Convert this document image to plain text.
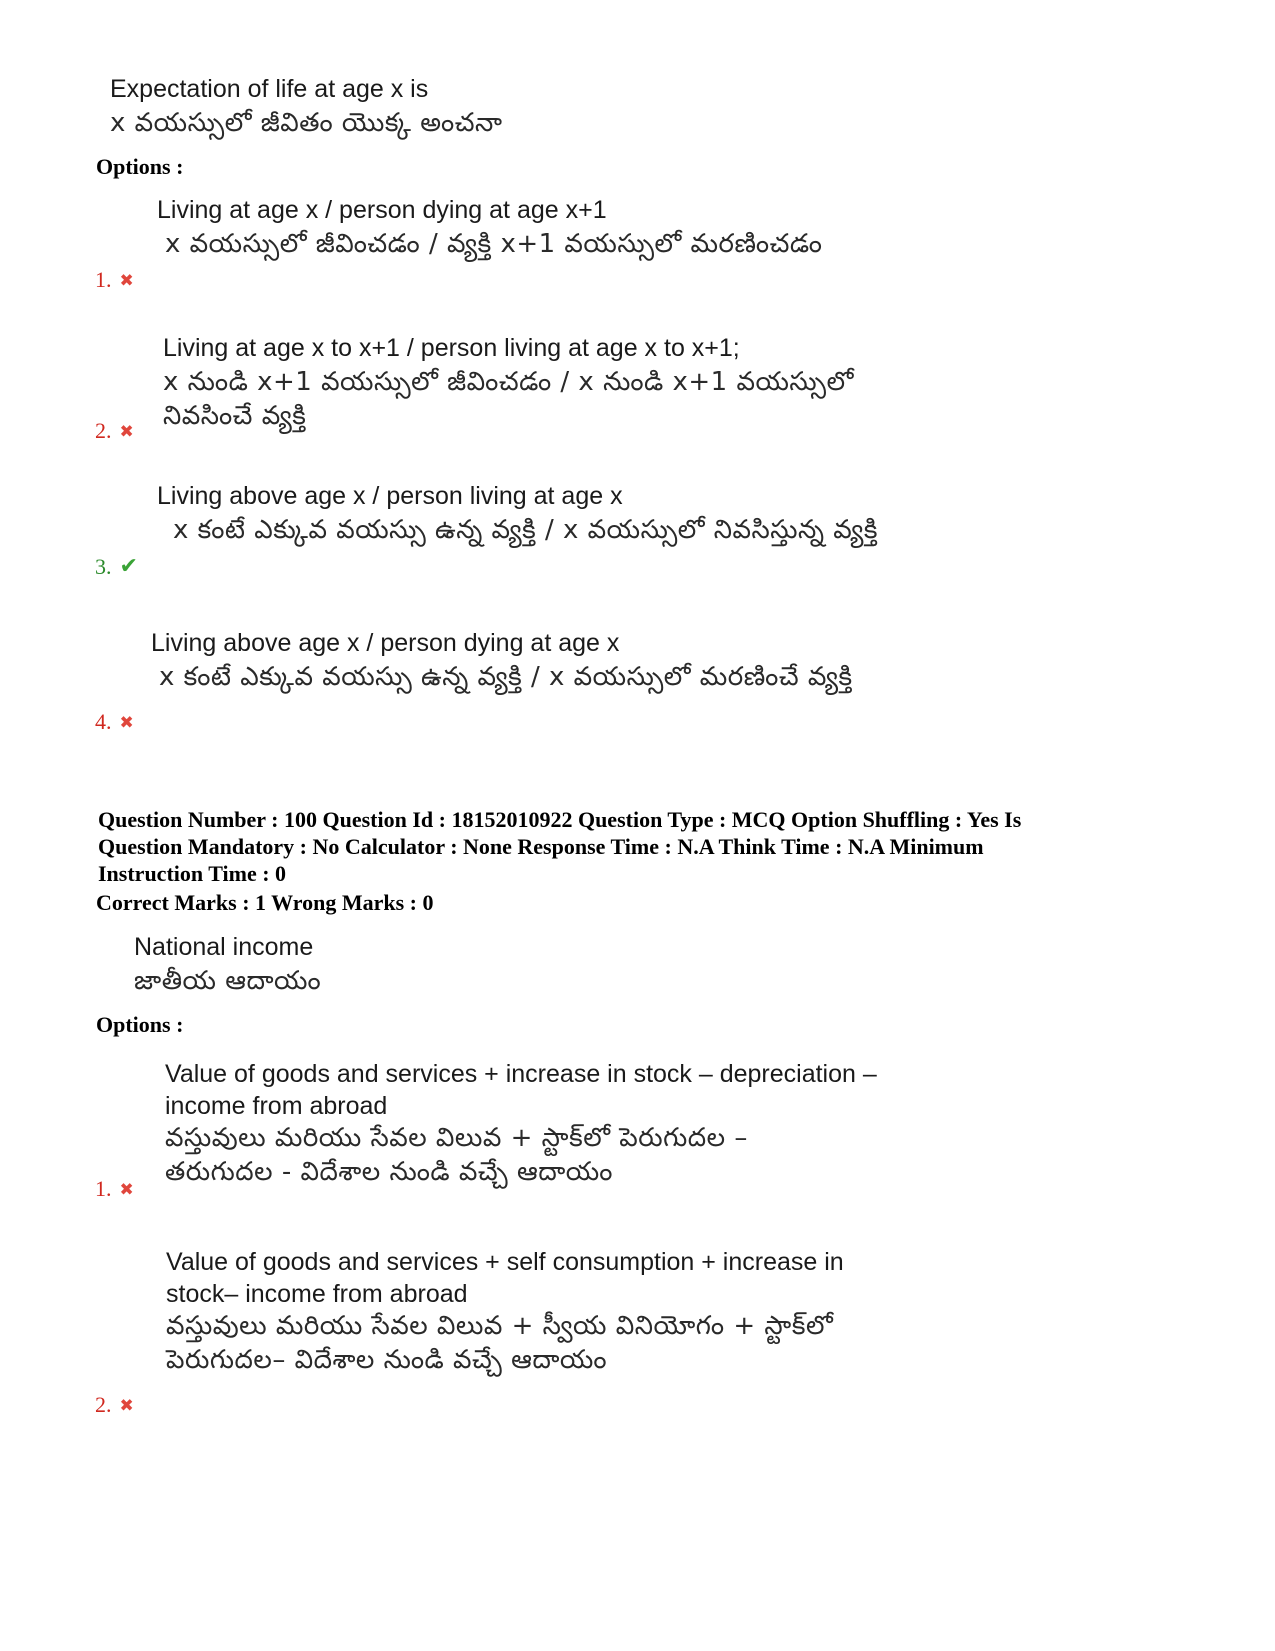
Expectation of life at age x is
x వయస్సులో జీవితం యొక్క అంచనా
Options :
Living at age x / person dying at age x+1
x వయస్సులో జీవించడం / వ్యక్తి x+1 వయస్సులో మరణించడం
1. ✖
Living at age x to x+1 / person living at age x to x+1;
x నుండి x+1 వయస్సులో జీవించడం / x నుండి x+1 వయస్సులో
నివసించే వ్యక్తి
2. ✖
Living above age x / person living at age x
x కంటే ఎక్కువ వయస్సు ఉన్న వ్యక్తి / x వయస్సులో నివసిస్తున్న వ్యక్తి
3. ✔
Living above age x / person dying at age x
x కంటే ఎక్కువ వయస్సు ఉన్న వ్యక్తి / x వయస్సులో మరణించే వ్యక్తి
4. ✖
Question Number : 100 Question Id : 18152010922 Question Type : MCQ Option Shuffling : Yes Is
Question Mandatory : No Calculator : None Response Time : N.A Think Time : N.A Minimum
Instruction Time : 0
Correct Marks : 1 Wrong Marks : 0
National income
జాతీయ ఆదాయం
Options :
Value of goods and services + increase in stock – depreciation –
income from abroad
వస్తువులు మరియు సేవల విలువ + స్టాక్‌లో పెరుగుదల –
తరుగుదల - విదేశాల నుండి వచ్చే ఆదాయం
1. ✖
Value of goods and services + self consumption + increase in
stock– income from abroad
వస్తువులు మరియు సేవల విలువ + స్వీయ వినియోగం + స్టాక్‌లో
పెరుగుదల– విదేశాల నుండి వచ్చే ఆదాయం
2. ✖
